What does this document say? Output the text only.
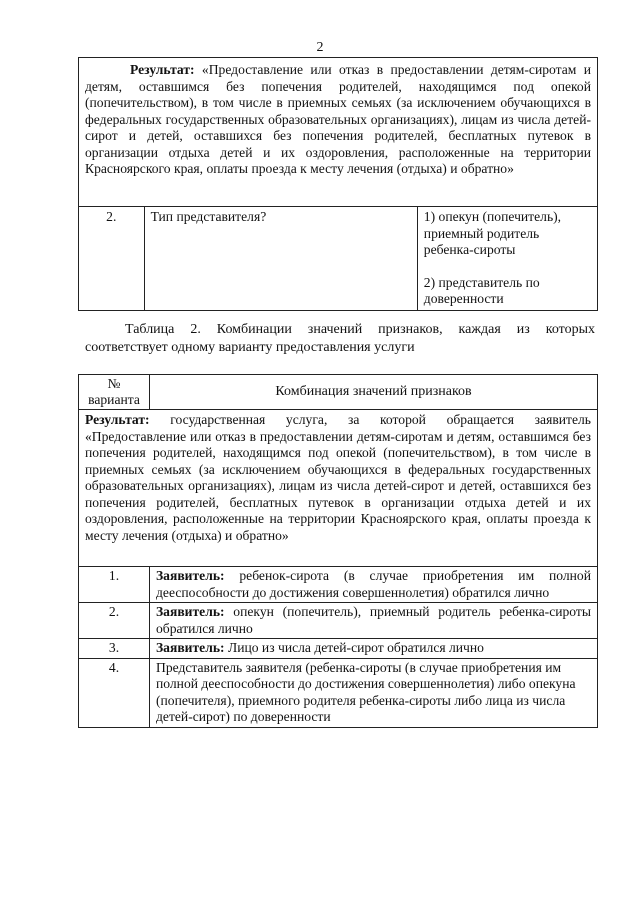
2
Результат: «Предоставление или отказ в предоставлении детям-сиротам и детям, оставшимся без попечения родителей, находящимся под опекой (попечительством), в том числе в приемных семьях (за исключением обучающихся в федеральных государственных образовательных организациях), лицам из числа детей-сирот и детей, оставшихся без попечения родителей, бесплатных путевок в организации отдыха детей и их оздоровления, расположенные на территории Красноярского края, оплаты проезда к месту лечения (отдыха) и обратно»
2.	Тип представителя?	1) опекун (попечитель), приемный родитель ребенка-сироты
2) представитель по доверенности
Таблица 2. Комбинации значений признаков, каждая из которых
соответствует одному варианту предоставления услуги
№
варианта	Комбинация значений признаков
Результат: государственная услуга, за которой обращается заявитель «Предоставление или отказ в предоставлении детям-сиротам и детям, оставшимся без попечения родителей, находящимся под опекой (попечительством), в том числе в приемных семьях (за исключением обучающихся в федеральных государственных образовательных организациях), лицам из числа детей-сирот и детей, оставшихся без попечения родителей, бесплатных путевок в организации отдыха детей и их оздоровления, расположенные на территории Красноярского края, оплаты проезда к месту лечения (отдыха) и обратно»	
1.	Заявитель: ребенок-сирота (в случае приобретения им полной дееспособности до достижения совершеннолетия) обратился лично
2.	Заявитель: опекун (попечитель), приемный родитель ребенка-сироты обратился лично
3.	Заявитель: Лицо из числа детей-сирот обратился лично
4.	Представитель заявителя (ребенка-сироты (в случае приобретения им полной дееспособности до достижения совершеннолетия) либо опекуна (попечителя), приемного родителя ребенка-сироты либо лица из числа детей-сирот) по доверенности
